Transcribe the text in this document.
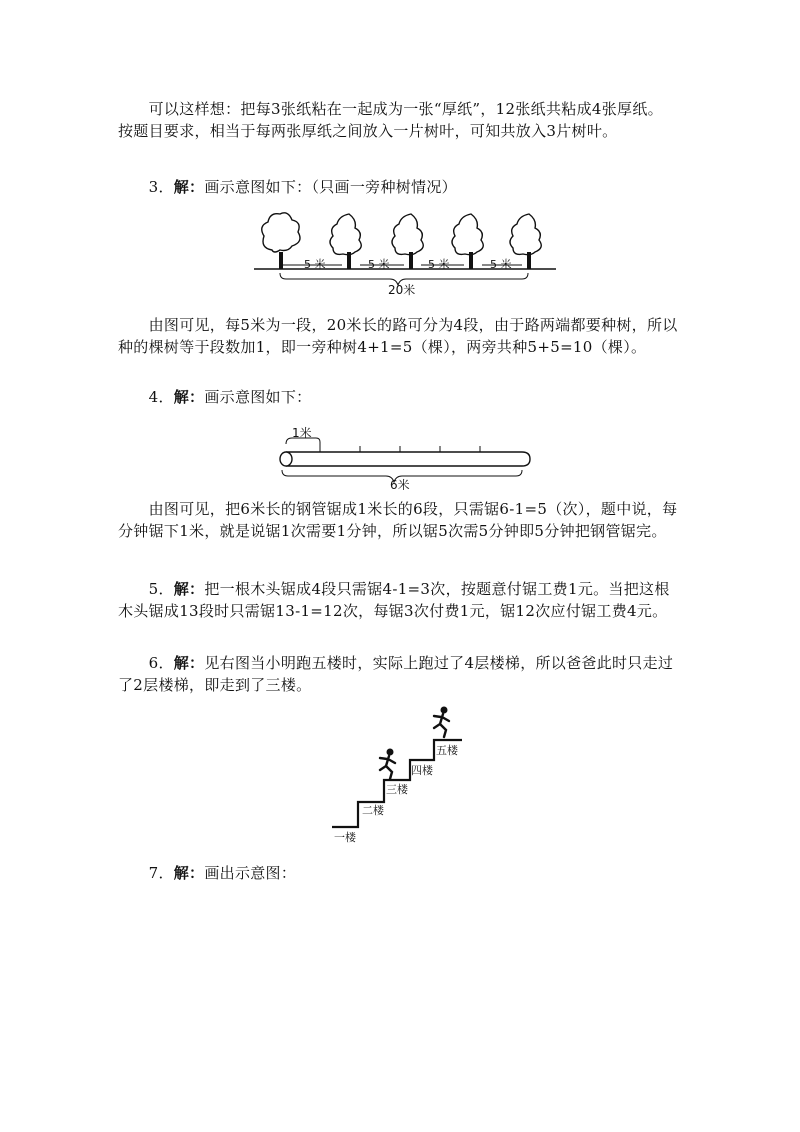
　　可以这样想：把每3张纸粘在一起成为一张“厚纸”，12张纸共粘成4张厚纸。按题目要求，相当于每两张厚纸之间放入一片树叶，可知共放入3片树叶。
　　3．解：画示意图如下：（只画一旁种树情况）
5 米	5 米	5 米	5 米
20米
　　由图可见，每5米为一段，20米长的路可分为4段，由于路两端都要种树，所以种的棵树等于段数加1，即一旁种树4+1=5（棵），两旁共种5+5=10（棵）。
　　4．解：画示意图如下：
1米
6米
　　由图可见，把6米长的钢管锯成1米长的6段，只需锯6-1=5（次），题中说，每分钟锯下1米，就是说锯1次需要1分钟，所以锯5次需5分钟即5分钟把钢管锯完。
　　5．解：把一根木头锯成4段只需锯4-1=3次，按题意付锯工费1元。当把这根木头锯成13段时只需锯13-1=12次，每锯3次付费1元，锯12次应付锯工费4元。
　　6．解：见右图当小明跑五楼时，实际上跑过了4层楼梯，所以爸爸此时只走过了2层楼梯，即走到了三楼。
一楼
二楼
三楼
四楼
五楼
　　7．解：画出示意图：
